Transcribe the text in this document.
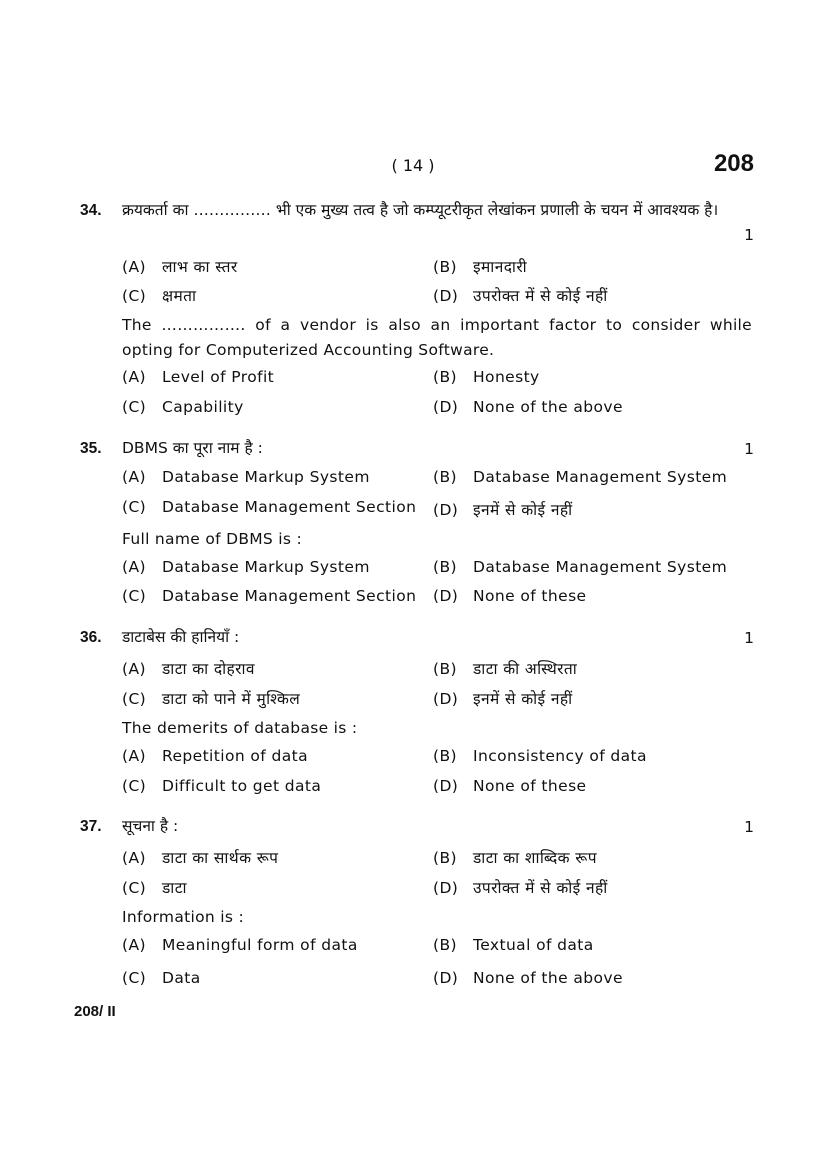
( 14 )	208
34. क्रयकर्ता का …………… भी एक मुख्य तत्व है जो कम्प्यूटरीकृत लेखांकन प्रणाली के चयन में आवश्यक है।
1
(A) लाभ का स्तर	(B) इमानदारी
(C) क्षमता	(D) उपरोक्त में से कोई नहीं
The ……………. of a vendor is also an important factor to consider while opting for Computerized Accounting Software.
(A) Level of Profit	(B) Honesty
(C) Capability	(D) None of the above
35. DBMS का पूरा नाम है :	1
(A) Database Markup System	(B) Database Management System
(C) Database Management Section (D) इनमें से कोई नहीं
Full name of DBMS is :
(A) Database Markup System	(B) Database Management System
(C) Database Management Section (D) None of these
36. डाटाबेस की हानियाँ :	1
(A) डाटा का दोहराव	(B) डाटा की अस्थिरता
(C) डाटा को पाने में मुश्किल	(D) इनमें से कोई नहीं
The demerits of database is :
(A) Repetition of data	(B) Inconsistency of data
(C) Difficult to get data	(D) None of these
37. सूचना है :	1
(A) डाटा का सार्थक रूप	(B) डाटा का शाब्दिक रूप
(C) डाटा	(D) उपरोक्त में से कोई नहीं
Information is :
(A) Meaningful form of data	(B) Textual of data
(C) Data	(D) None of the above
208/ II
